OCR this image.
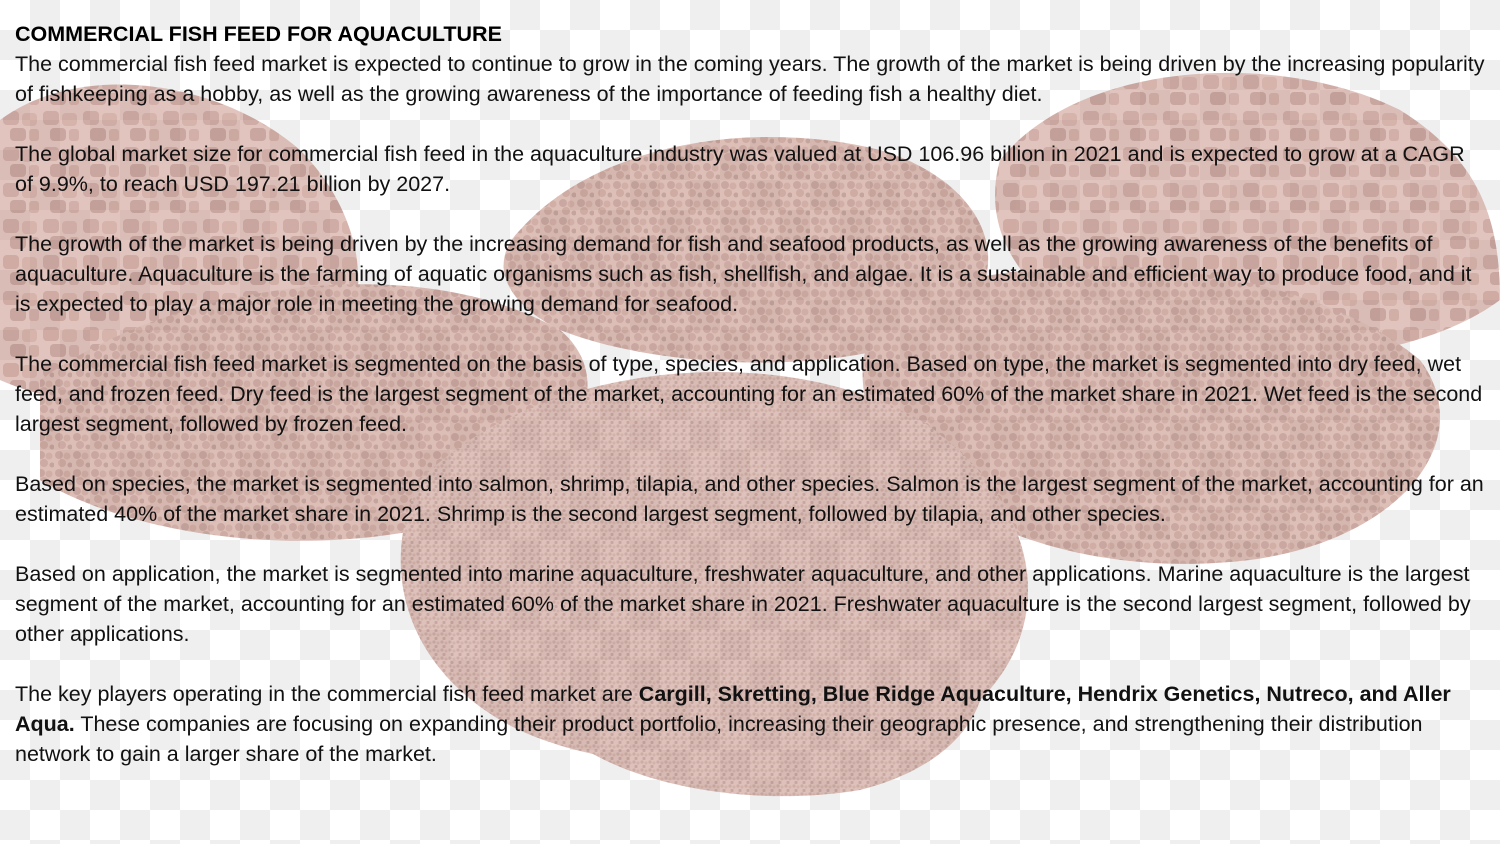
COMMERCIAL FISH FEED FOR AQUACULTURE

The commercial fish feed market is expected to continue to grow in the coming years. The growth of the market is being driven by the increasing popularity of fishkeeping as a hobby, as well as the growing awareness of the importance of feeding fish a healthy diet.

The global market size for commercial fish feed in the aquaculture industry was valued at USD 106.96 billion in 2021 and is expected to grow at a CAGR of 9.9%, to reach USD 197.21 billion by 2027.

The growth of the market is being driven by the increasing demand for fish and seafood products, as well as the growing awareness of the benefits of aquaculture. Aquaculture is the farming of aquatic organisms such as fish, shellfish, and algae. It is a sustainable and efficient way to produce food, and it is expected to play a major role in meeting the growing demand for seafood.

The commercial fish feed market is segmented on the basis of type, species, and application. Based on type, the market is segmented into dry feed, wet feed, and frozen feed. Dry feed is the largest segment of the market, accounting for an estimated 60% of the market share in 2021. Wet feed is the second largest segment, followed by frozen feed.

Based on species, the market is segmented into salmon, shrimp, tilapia, and other species. Salmon is the largest segment of the market, accounting for an estimated 40% of the market share in 2021. Shrimp is the second largest segment, followed by tilapia, and other species.

Based on application, the market is segmented into marine aquaculture, freshwater aquaculture, and other applications. Marine aquaculture is the largest segment of the market, accounting for an estimated 60% of the market share in 2021. Freshwater aquaculture is the second largest segment, followed by other applications.

The key players operating in the commercial fish feed market are Cargill, Skretting, Blue Ridge Aquaculture, Hendrix Genetics, Nutreco, and Aller Aqua. These companies are focusing on expanding their product portfolio, increasing their geographic presence, and strengthening their distribution network to gain a larger share of the market.
